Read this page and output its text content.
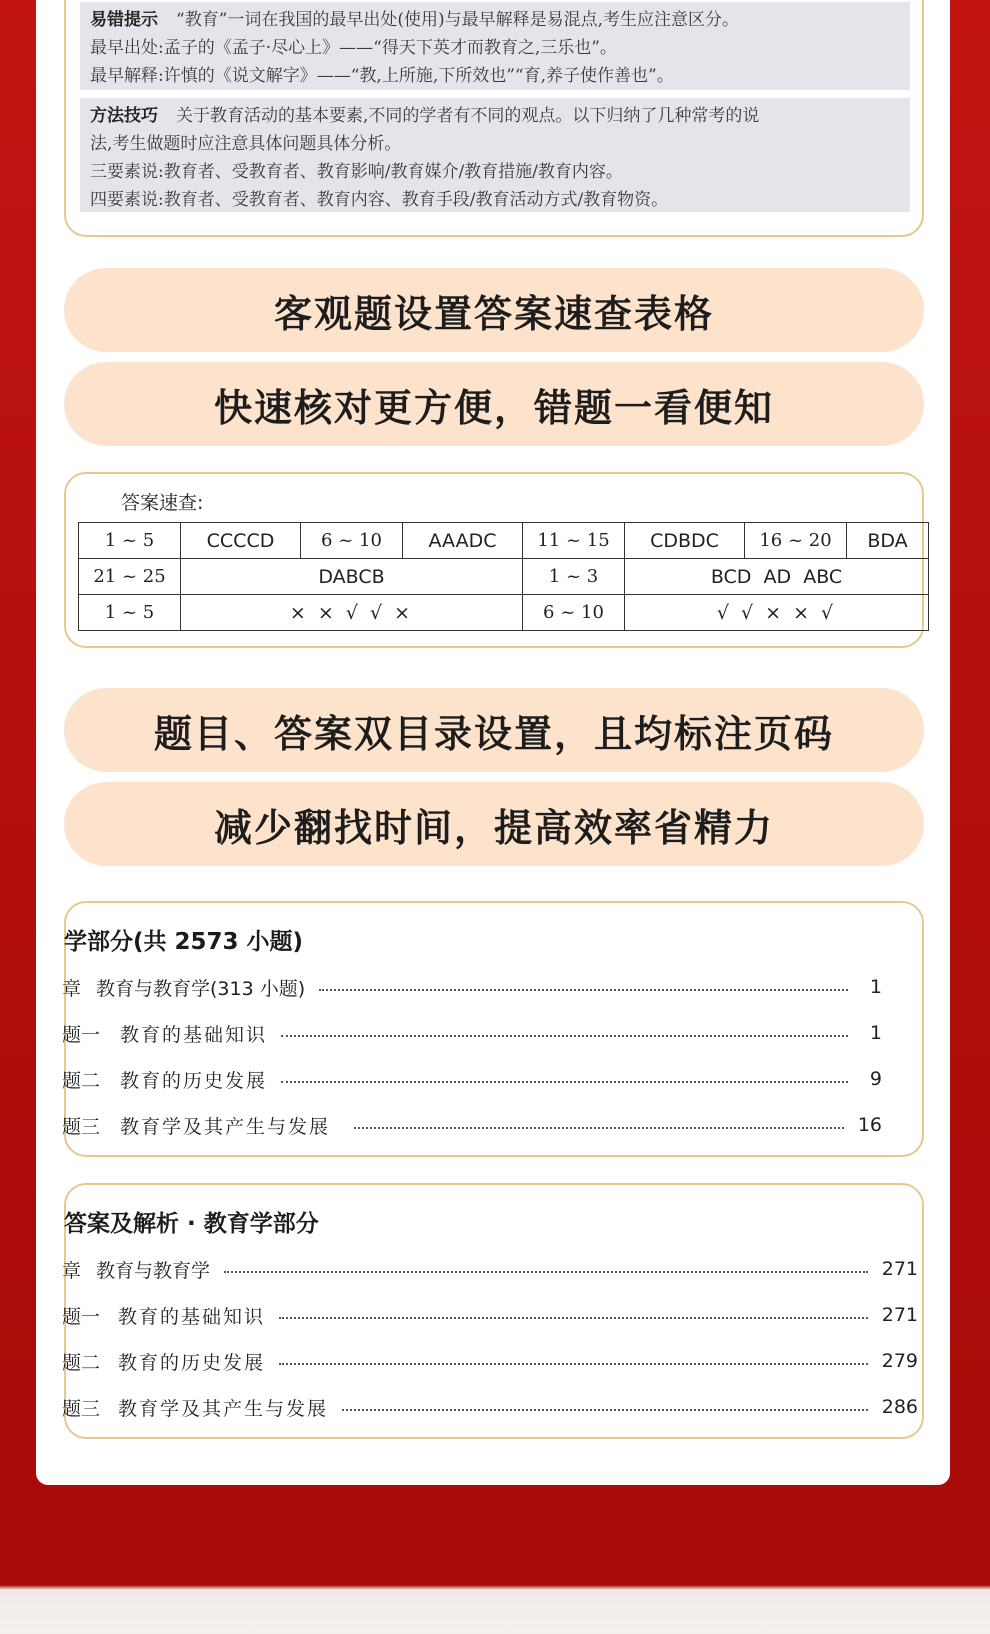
易错提示 “教育”一词在我国的最早出处(使用)与最早解释是易混点,考生应注意区分。
最早出处:孟子的《孟子·尽心上》——“得天下英才而教育之,三乐也”。
最早解释:许慎的《说文解字》——“教,上所施,下所效也”“育,养子使作善也”。
方法技巧 关于教育活动的基本要素,不同的学者有不同的观点。以下归纳了几种常考的说
法,考生做题时应注意具体问题具体分析。
三要素说:教育者、受教育者、教育影响/教育媒介/教育措施/教育内容。
四要素说:教育者、受教育者、教育内容、教育手段/教育活动方式/教育物资。
客观题设置答案速查表格
快速核对更方便，错题一看便知
答案速查:
1 ~ 5	CCCCD	6 ~ 10	AAADC	11 ~ 15	CDBDC	16 ~ 20	BDA
21 ~ 25	DABCB			1 ~ 3	BCD  AD  ABC		
1 ~ 5	× × √ √ ×			6 ~ 10	√ √ × × √		
题目、答案双目录设置，且均标注页码
减少翻找时间，提高效率省精力
学部分(共 2573 小题)
章 教育与教育学(313 小题)	1
题一 教育的基础知识	1
题二 教育的历史发展	9
题三 教育学及其产生与发展	16
答案及解析 · 教育学部分
章 教育与教育学	271
题一 教育的基础知识	271
题二 教育的历史发展	279
题三 教育学及其产生与发展	286
